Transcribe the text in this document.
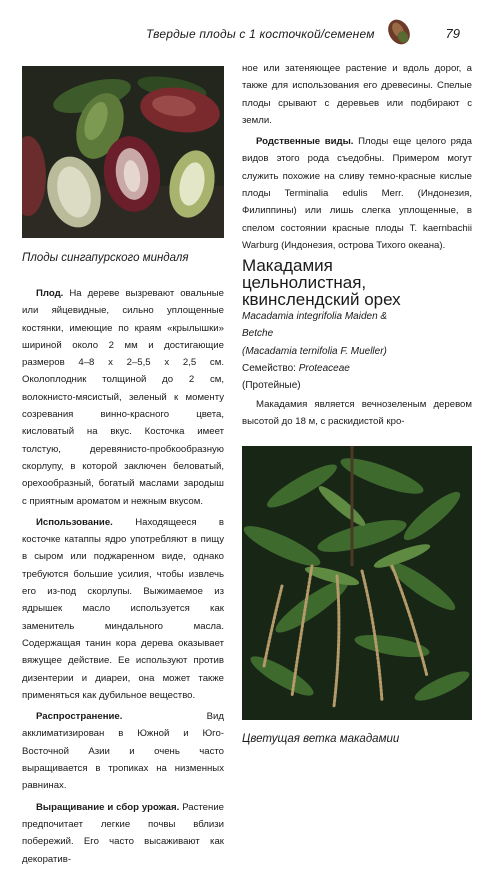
Твердые плоды с 1 косточкой/семенем	79
Плоды сингапурского миндаля

Плод. На дереве вызревают овальные или яйцевидные, сильно уплощенные костянки, имеющие по краям «крылышки» шириной около 2 мм и достигающие размеров 4–8 х 2–5,5 х 2,5 см. Околоплодник толщиной до 2 см, волокнисто-мясистый, зеленый к моменту созревания винно-красного цвета, кисловатый на вкус. Косточка имеет толстую, деревянисто-пробкообразную скорлупу, в которой заключен беловатый, орехообразный, богатый маслами зародыш с приятным ароматом и нежным вкусом.

Использование. Находящееся в косточке катаппы ядро употребляют в пищу в сыром или поджаренном виде, однако требуются большие усилия, чтобы извлечь его из-под скорлупы. Выжимаемое из ядрышек масло используется как заменитель миндального масла. Содержащая танин кора дерева оказывает вяжущее действие. Ее используют против дизентерии и диареи, она может также применяться как дубильное вещество.

Распространение.	Вид акклиматизирован в Южной и Юго-Восточной Азии и очень часто выращивается в тропиках на низменных равнинах.

Выращивание и сбор урожая. Растение предпочитает легкие почвы вблизи побережий. Его часто высаживают как декоратив-

ное или затеняющее растение и вдоль дорог, а также для использования его древесины. Спелые плоды срывают с деревьев или подбирают с земли.

Родственные виды. Плоды еще целого ряда видов этого рода съедобны. Примером могут служить похожие на сливу темно-красные кислые плоды Terminalia edulis Merr. (Индонезия, Филиппины) или лишь слегка уплощенные, в спелом состоянии красные плоды T. kaernbachii Warburg (Индонезия, острова Тихого океана).

Макадамия
цельнолистная,
квинслендский орех
Macadamia integrifolia Maiden &
Betche
(Macadamia ternifolia F. Mueller)
Семейство: Proteaceae
(Протейные)

Макадамия является вечнозеленым деревом высотой до 18 м, с раскидистой кро-

Цветущая ветка макадамии
